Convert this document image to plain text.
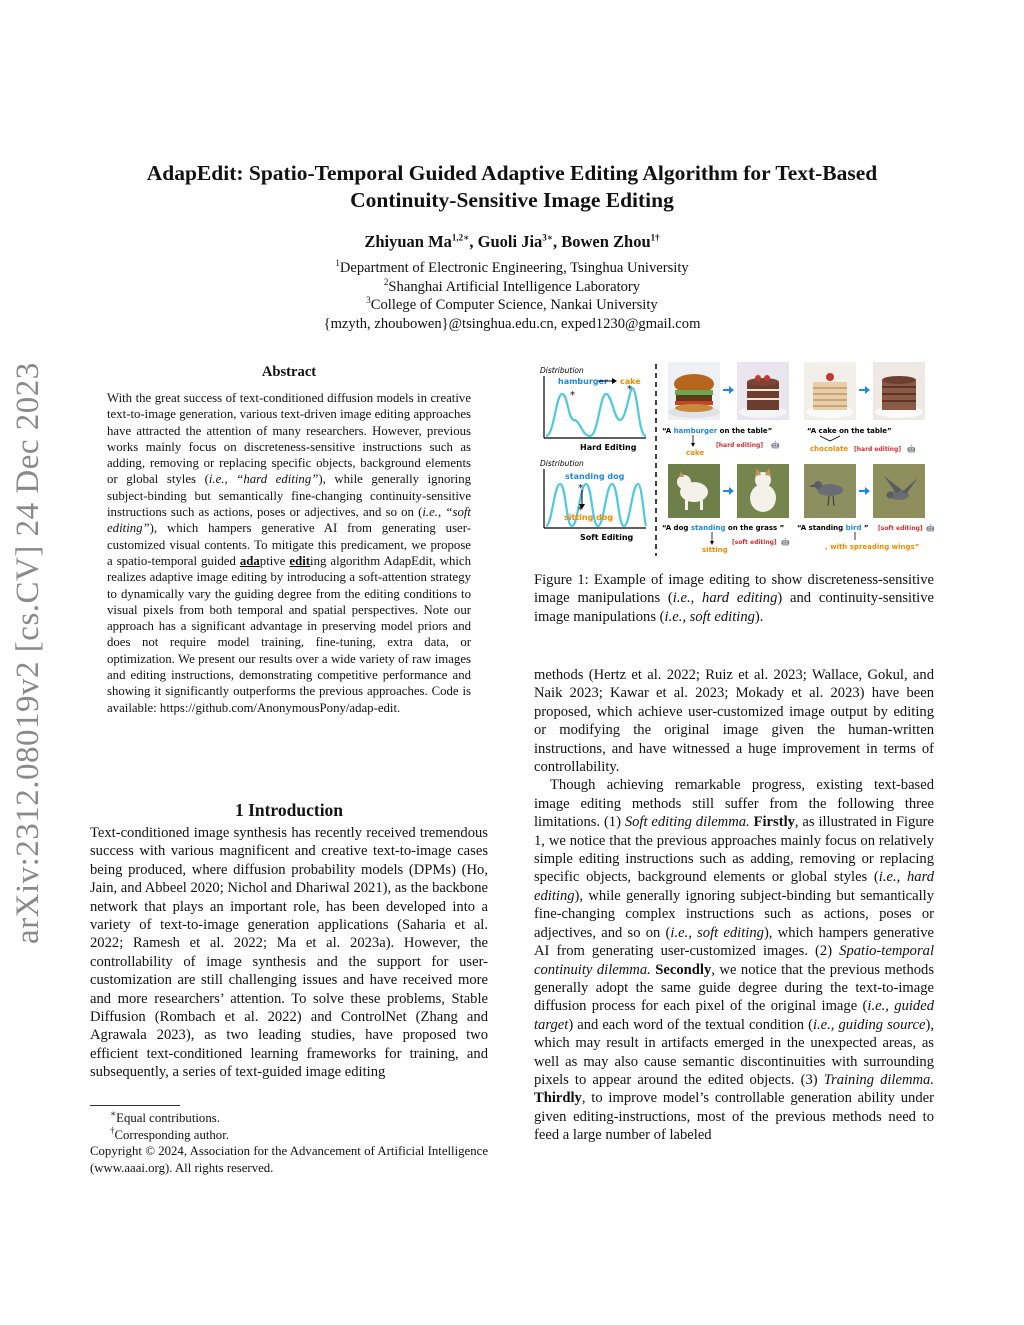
arXiv:2312.08019v2 [cs.CV] 24 Dec 2023
AdapEdit: Spatio-Temporal Guided Adaptive Editing Algorithm for Text-Based
Continuity-Sensitive Image Editing
Zhiyuan $Ma^{1,2∗}$, Guoli Jia$^{3∗}$, Bowen Zhou$^{1\dagger}$
$^1$Department of Electronic Engineering, Tsinghua University
$^2$Shanghai Artificial Intelligence Laboratory
$^3$College of Computer Science, Nankai University
{mzyth, zhoubowen}@tsinghua.edu.cn, exped1230@gmail.com
Abstract
With the great success of text-conditioned diffusion models in creative text-to-image generation, various text-driven image editing approaches have attracted the attention of many researchers. However, previous works mainly focus on discreteness-sensitive instructions such as adding, removing or replacing specific objects, background elements or global styles (i.e., “hard editing”), while generally ignoring subject-binding but semantically fine-changing continuity-sensitive instructions such as actions, poses or adjectives, and so on (i.e., “soft editing”), which hampers generative AI from generating user-customized visual contents. To mitigate this predicament, we propose a spatio-temporal guided adaptive editing algorithm AdapEdit, which realizes adaptive image editing by introducing a soft-attention strategy to dynamically vary the guiding degree from the editing conditions to visual pixels from both temporal and spatial perspectives. Note our approach has a significant advantage in preserving model priors and does not require model training, fine-tuning, extra data, or optimization. We present our results over a wide variety of raw images and editing instructions, demonstrating competitive performance and showing it significantly outperforms the previous approaches. Code is available: https://github.com/AnonymousPony/adap-edit.
1 Introduction
Text-conditioned image synthesis has recently received tremendous success with various magnificent and creative text-to-image cases being produced, where diffusion probability models (DPMs) (Ho, Jain, and Abbeel 2020; Nichol and Dhariwal 2021), as the backbone network that plays an important role, has been developed into a variety of text-to-image generation applications (Saharia et al. 2022; Ramesh et al. 2022; Ma et al. 2023a). However, the controllability of image synthesis and the support for user-customization are still challenging issues and have received more and more researchers’ attention. To solve these problems, Stable Diffusion (Rombach et al. 2022) and ControlNet (Zhang and Agrawala 2023), as two leading studies, have proposed two efficient text-conditioned learning frameworks for training, and subsequently, a series of text-guided image editing
∗Equal contributions.
†Corresponding author.
Copyright © 2024, Association for the Advancement of Artificial Intelligence (www.aaai.org). All rights reserved.
Distribution
hamburger cake
*
*
Hard Editing
Distribution
standing dog
*
*
sitting dog
Soft Editing
“A hamburger on the table”
cake
[hard editing] 🤖
“A cake on the table”
chocolate [hard editing] 🤖
“A dog standing on the grass ”
sitting
[soft editing] 🤖
“A standing bird ” [soft editing] 🤖
, with spreading wings”
Figure 1: Example of image editing to show discreteness-sensitive image manipulations (i.e., hard editing) and continuity-sensitive image manipulations (i.e., soft editing).

methods (Hertz et al. 2022; Ruiz et al. 2023; Wallace, Gokul, and Naik 2023; Kawar et al. 2023; Mokady et al. 2023) have been proposed, which achieve user-customized image output by editing or modifying the original image given the human-written instructions, and have witnessed a huge improvement in terms of controllability.

Though achieving remarkable progress, existing text-based image editing methods still suffer from the following three limitations. (1) Soft editing dilemma. Firstly, as illustrated in Figure 1, we notice that the previous approaches mainly focus on relatively simple editing instructions such as adding, removing or replacing specific objects, background elements or global styles (i.e., hard editing), while generally ignoring subject-binding but semantically fine-changing complex instructions such as actions, poses or adjectives, and so on (i.e., soft editing), which hampers generative AI from generating user-customized images. (2) Spatio-temporal continuity dilemma. Secondly, we notice that the previous methods generally adopt the same guide degree during the text-to-image diffusion process for each pixel of the original image (i.e., guided target) and each word of the textual condition (i.e., guiding source), which may result in artifacts emerged in the unexpected areas, as well as may also cause semantic discontinuities with surrounding pixels to appear around the edited objects. (3) Training dilemma. Thirdly, to improve model’s controllable generation ability under given editing-instructions, most of the previous methods need to feed a large number of labeled
